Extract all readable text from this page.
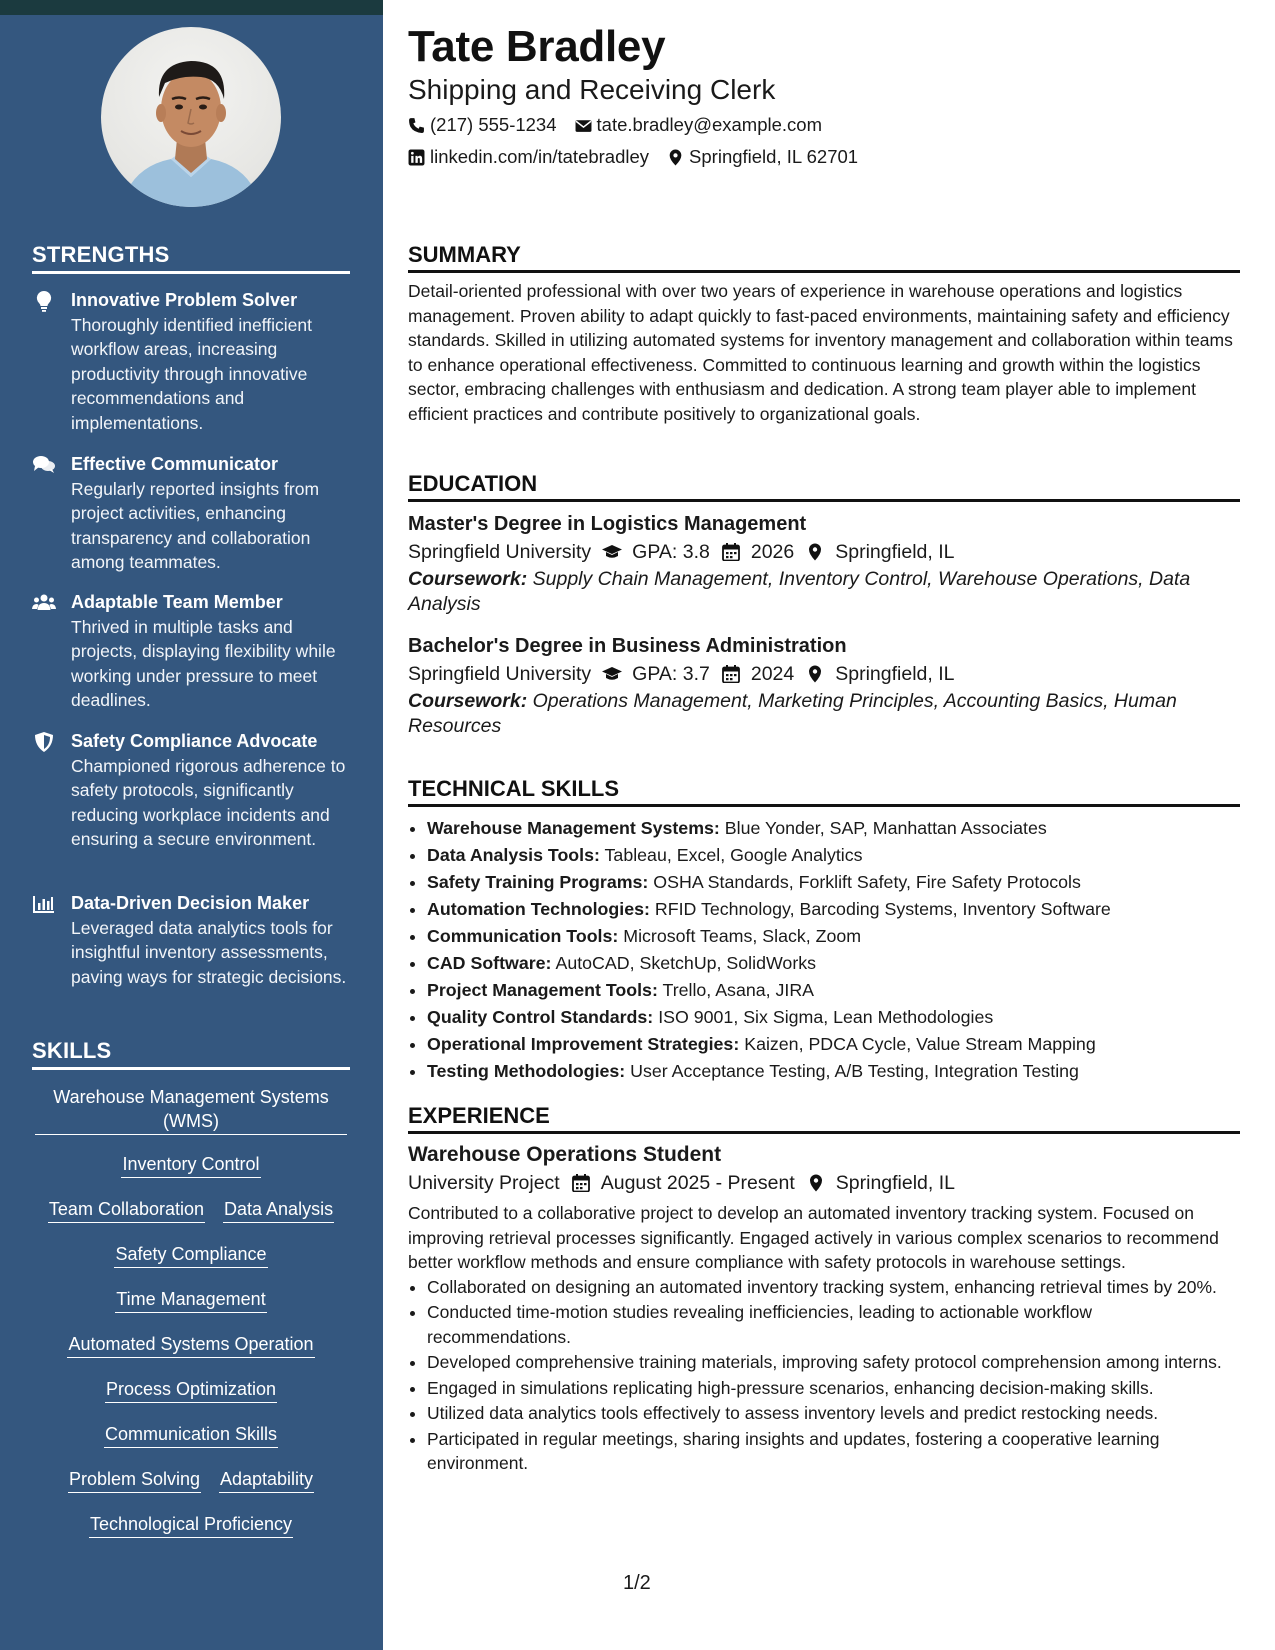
STRENGTHS
Innovative Problem Solver
Thoroughly identified inefficient workflow areas, increasing productivity through innovative recommendations and implementations.
Effective Communicator
Regularly reported insights from project activities, enhancing transparency and collaboration among teammates.
Adaptable Team Member
Thrived in multiple tasks and projects, displaying flexibility while working under pressure to meet deadlines.
Safety Compliance Advocate
Championed rigorous adherence to safety protocols, significantly reducing workplace incidents and ensuring a secure environment.
Data-Driven Decision Maker
Leveraged data analytics tools for insightful inventory assessments, paving ways for strategic decisions.
SKILLS
Warehouse Management Systems (WMS)
Inventory Control
Team Collaboration Data Analysis
Safety Compliance
Time Management
Automated Systems Operation
Process Optimization
Communication Skills
Problem Solving Adaptability
Technological Proficiency
Tate Bradley
Shipping and Receiving Clerk
(217) 555-1234 tate.bradley@example.com
linkedin.com/in/tatebradley Springfield, IL 62701
SUMMARY
Detail-oriented professional with over two years of experience in warehouse operations and logistics management. Proven ability to adapt quickly to fast-paced environments, maintaining safety and efficiency standards. Skilled in utilizing automated systems for inventory management and collaboration within teams to enhance operational effectiveness. Committed to continuous learning and growth within the logistics sector, embracing challenges with enthusiasm and dedication. A strong team player able to implement efficient practices and contribute positively to organizational goals.
EDUCATION
Master's Degree in Logistics Management
Springfield University GPA: 3.8 2026 Springfield, IL
Coursework: Supply Chain Management, Inventory Control, Warehouse Operations, Data Analysis
Bachelor's Degree in Business Administration
Springfield University GPA: 3.7 2024 Springfield, IL
Coursework: Operations Management, Marketing Principles, Accounting Basics, Human Resources
TECHNICAL SKILLS
• Warehouse Management Systems: Blue Yonder, SAP, Manhattan Associates
• Data Analysis Tools: Tableau, Excel, Google Analytics
• Safety Training Programs: OSHA Standards, Forklift Safety, Fire Safety Protocols
• Automation Technologies: RFID Technology, Barcoding Systems, Inventory Software
• Communication Tools: Microsoft Teams, Slack, Zoom
• CAD Software: AutoCAD, SketchUp, SolidWorks
• Project Management Tools: Trello, Asana, JIRA
• Quality Control Standards: ISO 9001, Six Sigma, Lean Methodologies
• Operational Improvement Strategies: Kaizen, PDCA Cycle, Value Stream Mapping
• Testing Methodologies: User Acceptance Testing, A/B Testing, Integration Testing
EXPERIENCE
Warehouse Operations Student
University Project August 2025 - Present Springfield, IL
Contributed to a collaborative project to develop an automated inventory tracking system. Focused on improving retrieval processes significantly. Engaged actively in various complex scenarios to recommend better workflow methods and ensure compliance with safety protocols in warehouse settings.
• Collaborated on designing an automated inventory tracking system, enhancing retrieval times by 20%.
• Conducted time-motion studies revealing inefficiencies, leading to actionable workflow recommendations.
• Developed comprehensive training materials, improving safety protocol comprehension among interns.
• Engaged in simulations replicating high-pressure scenarios, enhancing decision-making skills.
• Utilized data analytics tools effectively to assess inventory levels and predict restocking needs.
• Participated in regular meetings, sharing insights and updates, fostering a cooperative learning environment.
1/2
